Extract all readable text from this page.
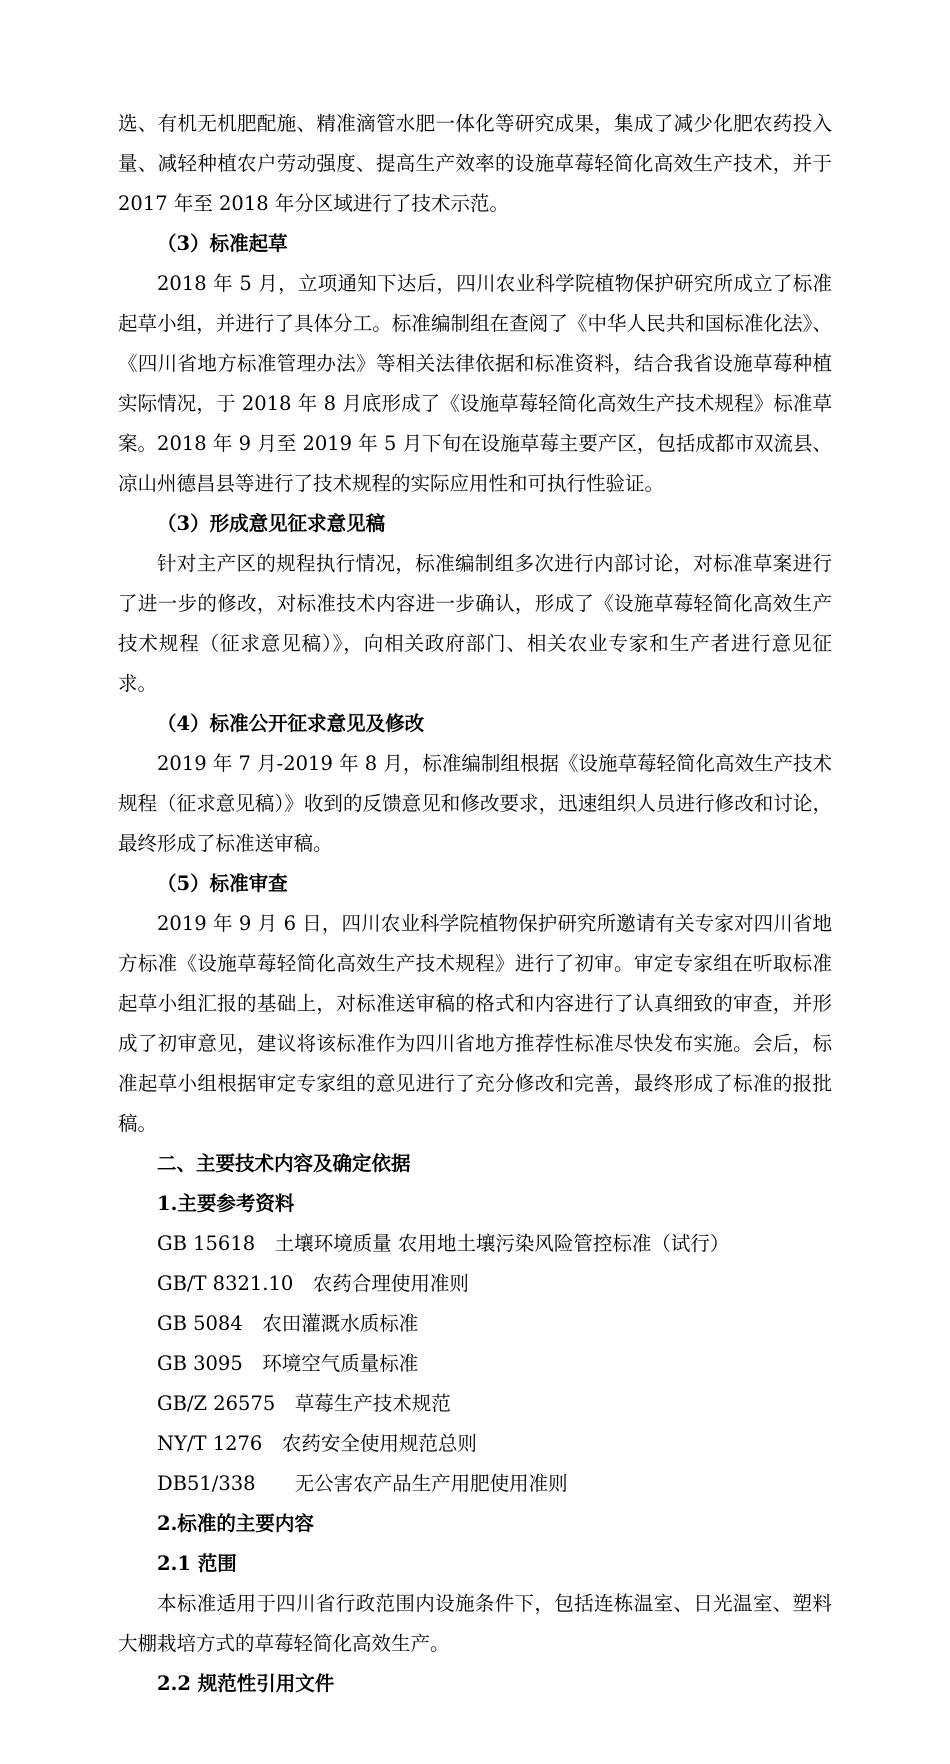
选、有机无机肥配施、精准滴管水肥一体化等研究成果，集成了减少化肥农药投入量、减轻种植农户劳动强度、提高生产效率的设施草莓轻简化高效生产技术，并于 2017 年至 2018 年分区域进行了技术示范。

（3）标准起草

2018 年 5 月，立项通知下达后，四川农业科学院植物保护研究所成立了标准起草小组，并进行了具体分工。标准编制组在查阅了《中华人民共和国标准化法》、《四川省地方标准管理办法》等相关法律依据和标准资料，结合我省设施草莓种植实际情况，于 2018 年 8 月底形成了《设施草莓轻简化高效生产技术规程》标准草案。2018 年 9 月至 2019 年 5 月下旬在设施草莓主要产区，包括成都市双流县、凉山州德昌县等进行了技术规程的实际应用性和可执行性验证。

（3）形成意见征求意见稿

针对主产区的规程执行情况，标准编制组多次进行内部讨论，对标准草案进行了进一步的修改，对标准技术内容进一步确认，形成了《设施草莓轻简化高效生产技术规程（征求意见稿）》，向相关政府部门、相关农业专家和生产者进行意见征求。

（4）标准公开征求意见及修改

2019 年 7 月-2019 年 8 月，标准编制组根据《设施草莓轻简化高效生产技术规程（征求意见稿）》收到的反馈意见和修改要求，迅速组织人员进行修改和讨论，最终形成了标准送审稿。

（5）标准审查

2019 年 9 月 6 日，四川农业科学院植物保护研究所邀请有关专家对四川省地方标准《设施草莓轻简化高效生产技术规程》进行了初审。审定专家组在听取标准起草小组汇报的基础上，对标准送审稿的格式和内容进行了认真细致的审查，并形成了初审意见，建议将该标准作为四川省地方推荐性标准尽快发布实施。会后，标准起草小组根据审定专家组的意见进行了充分修改和完善，最终形成了标准的报批稿。

二、主要技术内容及确定依据

1.主要参考资料

GB 15618　土壤环境质量 农用地土壤污染风险管控标准（试行）

GB/T 8321.10　农药合理使用准则

GB 5084　农田灌溉水质标准

GB 3095　环境空气质量标准

GB/Z 26575　草莓生产技术规范

NY/T 1276　农药安全使用规范总则

DB51/338　　无公害农产品生产用肥使用准则

2.标准的主要内容

2.1 范围

本标准适用于四川省行政范围内设施条件下，包括连栋温室、日光温室、塑料大棚栽培方式的草莓轻简化高效生产。

2.2 规范性引用文件
